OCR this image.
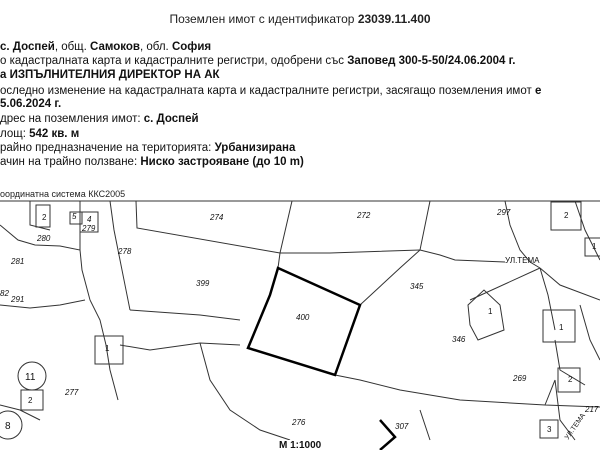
Поземлен имот с идентификатор 23039.11.400
с. Доспей, общ. Самоков, обл. София
о кадастралната карта и кадастралните регистри, одобрени със Заповед 300-5-50/24.06.2004 г.
а ИЗПЪЛНИТЕЛНИЯ ДИРЕКТОР НА АК
оследно изменение на кадастралната карта и кадастралните регистри, засягащо поземления имот е
5.06.2024 г.
дрес на поземления имот: с. Доспей
лощ: 542 кв. м
райно предназначение на територията: Урбанизирана
ачин на трайно ползване: Ниско застрояване (до 10 m)
оординатна система ККС2005
274	272	297
280
5 4
279
278
281
399
400
345
346
82
291
277
276	307
269
217
2	2
1
1
1
1
2
2
3
11
8
УЛ.ТЕМА
УЛ.ТЕМА
М 1:1000
